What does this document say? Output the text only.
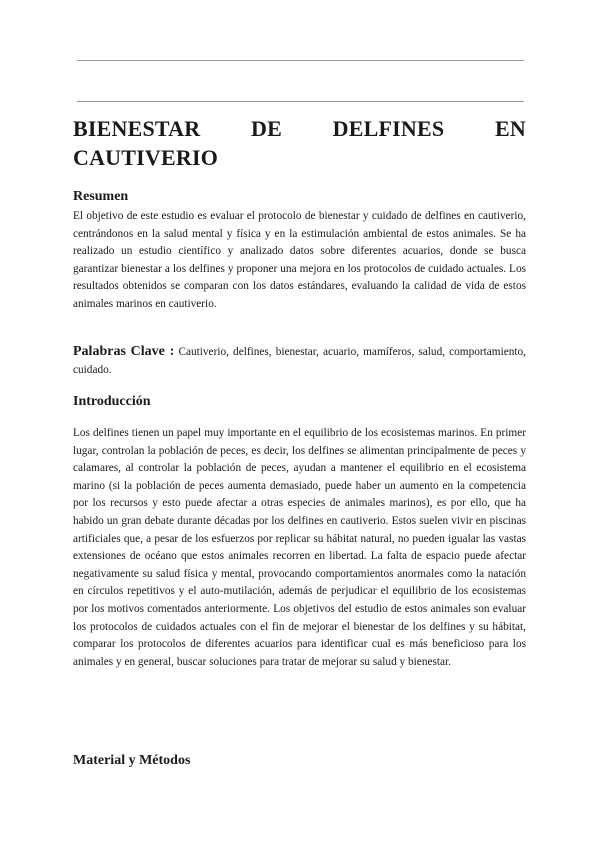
BIENESTAR DE DELFINES EN
CAUTIVERIO
Resumen
El objetivo de este estudio es evaluar el protocolo de bienestar y cuidado de delfines en cautiverio, centrándonos en la salud mental y física y en la estimulación ambiental de estos animales. Se ha realizado un estudio científico y analizado datos sobre diferentes acuarios, donde se busca garantizar bienestar a los delfines y proponer una mejora en los protocolos de cuidado actuales. Los resultados obtenidos se comparan con los datos estándares, evaluando la calidad de vida de estos animales marinos en cautiverio.
Palabras Clave : Cautiverio, delfines, bienestar, acuario, mamíferos, salud, comportamiento, cuidado.
Introducción
Los delfines tienen un papel muy importante en el equilibrio de los ecosistemas marinos. En primer lugar, controlan la población de peces, es decir, los delfines se alimentan principalmente de peces y calamares, al controlar la población de peces, ayudan a mantener el equilibrio en el ecosistema marino (si la población de peces aumenta demasiado, puede haber un aumento en la competencia por los recursos y esto puede afectar a otras especies de animales marinos), es por ello, que ha habido un gran debate durante décadas por los delfines en cautiverio. Estos suelen vivir en piscinas artificiales que, a pesar de los esfuerzos por replicar su hábitat natural, no pueden igualar las vastas extensiones de océano que estos animales recorren en libertad. La falta de espacio puede afectar negativamente su salud física y mental, provocando comportamientos anormales como la natación en círculos repetitivos y el auto-mutilación, además de perjudicar el equilibrio de los ecosistemas por los motivos comentados anteriormente. Los objetivos del estudio de estos animales son evaluar los protocolos de cuidados actuales con el fin de mejorar el bienestar de los delfines y su hábitat, comparar los protocolos de diferentes acuarios para identificar cual es más beneficioso para los animales y en general, buscar soluciones para tratar de mejorar su salud y bienestar.
Material y Métodos
